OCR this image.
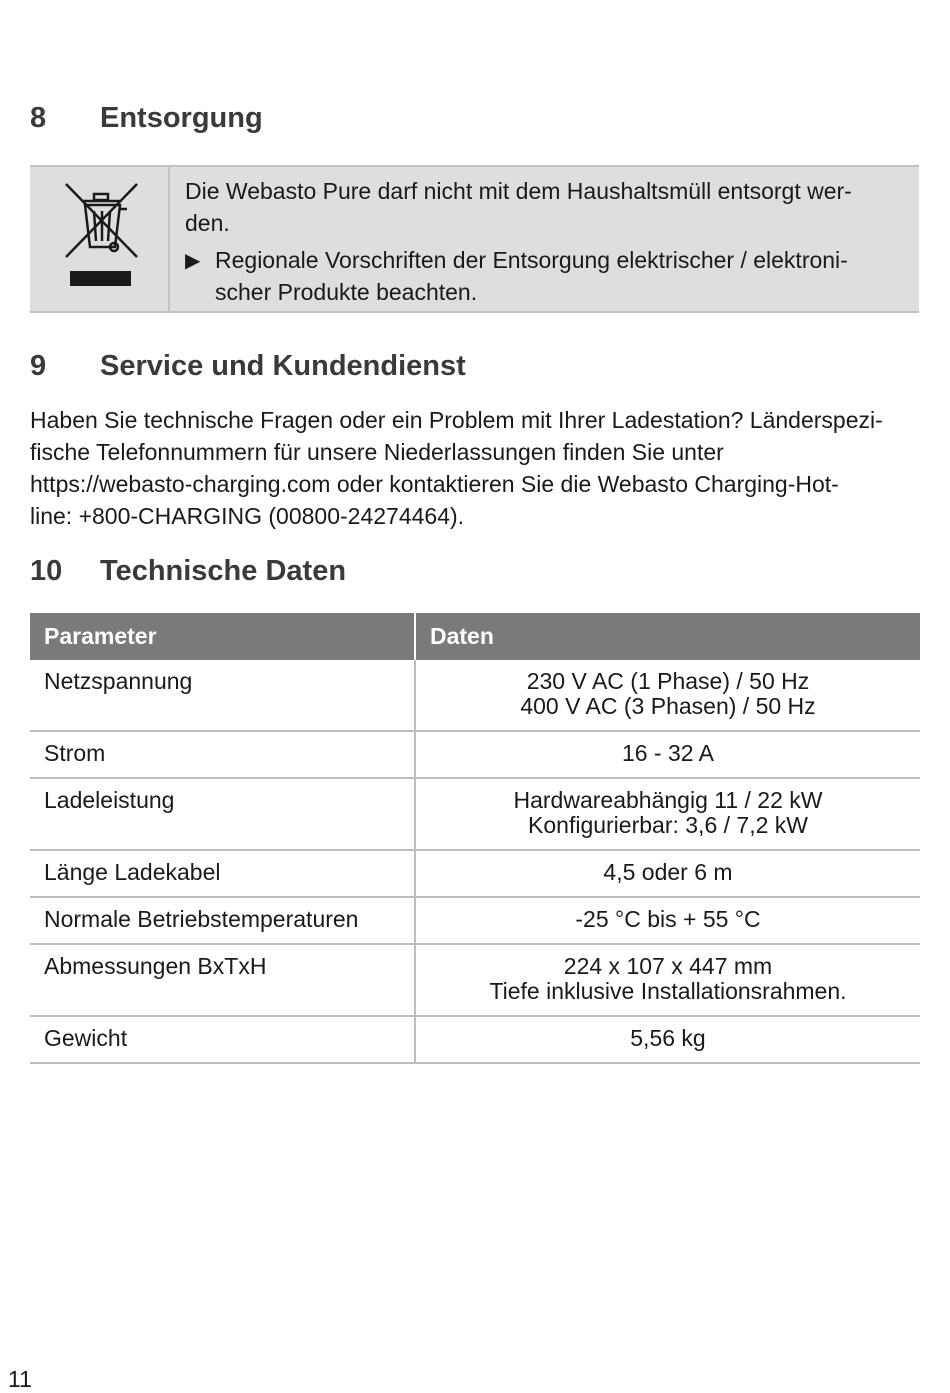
8 Entsorgung

Die Webasto Pure darf nicht mit dem Haushaltsmüll entsorgt wer-
den.

▶ Regionale Vorschriften der Entsorgung elektrischer / elektroni-
scher Produkte beachten.

9 Service und Kundendienst

Haben Sie technische Fragen oder ein Problem mit Ihrer Ladestation? Länderspezi-
fische Telefonnummern für unsere Niederlassungen finden Sie unter
https://webasto-charging.com oder kontaktieren Sie die Webasto Charging-Hot-
line: +800-CHARGING (00800-24274464).

10 Technische Daten
Parameter	Daten
Netzspannung	230 V AC (1 Phase) / 50 Hz
400 V AC (3 Phasen) / 50 Hz

Strom	16 - 32 A

Ladeleistung	Hardwareabhängig 11 / 22 kW
Konfigurierbar: 3,6 / 7,2 kW

Länge Ladekabel	4,5 oder 6 m

Normale Betriebstemperaturen	-25 °C bis + 55 °C

Abmessungen BxTxH	224 x 107 x 447 mm
Tiefe inklusive Installationsrahmen.

Gewicht	5,56 kg
11
